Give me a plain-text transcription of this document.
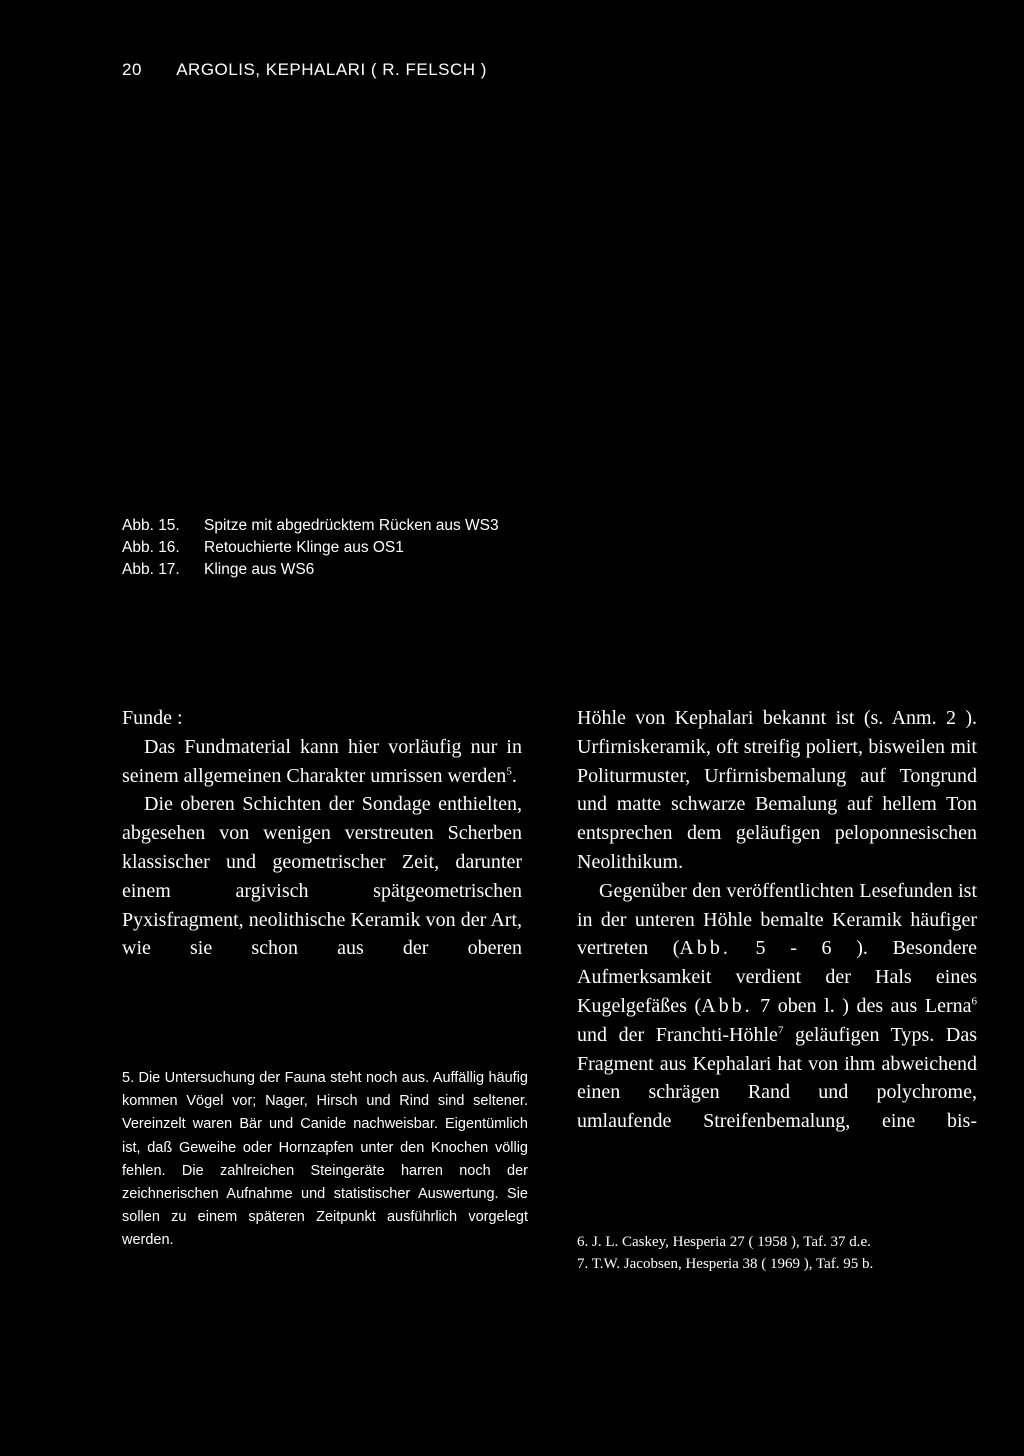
20 ARGOLIS, KEPHALARI ( R. FELSCH )
Abb. 15. Spitze mit abgedrücktem Rücken aus WS3
Abb. 16. Retouchierte Klinge aus OS1
Abb. 17. Klinge aus WS6

Funde :

Das Fundmaterial kann hier vorläufig nur in seinem allgemeinen Charakter umrissen werden$^5$.

Die oberen Schichten der Sondage enthielten, abgesehen von wenigen verstreuten Scherben klassischer und geometrischer Zeit, darunter einem argivisch spätgeometrischen Pyxisfragment, neolithische Keramik von der Art, wie sie schon aus der oberen

5. Die Untersuchung der Fauna steht noch aus. Auffällig häufig kommen Vögel vor; Nager, Hirsch und Rind sind seltener. Vereinzelt waren Bär und Canide nachweisbar. Eigentümlich ist, daß Geweihe oder Hornzapfen unter den Knochen völlig fehlen. Die zahlreichen Steingeräte harren noch der zeichnerischen Aufnahme und statistischer Auswertung. Sie sollen zu einem späteren Zeitpunkt ausführlich vorgelegt werden.

Höhle von Kephalari bekannt ist (s. Anm. 2 ). Urfirniskeramik, oft streifig poliert, bisweilen mit Politurmuster, Urfirnisbemalung auf Tongrund und matte schwarze Bemalung auf hellem Ton entsprechen dem geläufigen peloponnesischen Neolithikum.

Gegenüber den veröffentlichten Lesefunden ist in der unteren Höhle bemalte Keramik häufiger vertreten (Abb. 5 - 6 ). Besondere Aufmerksamkeit verdient der Hals eines Kugelgefäßes (Abb. 7 oben l. ) des aus Lerna$^6$ und der Franchti-Höhle$^7$ geläufigen Typs. Das Fragment aus Kephalari hat von ihm abweichend einen schrägen Rand und polychrome, umlaufende Streifenbemalung, eine bis-

6. J. L. Caskey, Hesperia 27 ( 1958 ), Taf. 37 d.e.

7. T.W. Jacobsen, Hesperia 38 ( 1969 ), Taf. 95 b.
